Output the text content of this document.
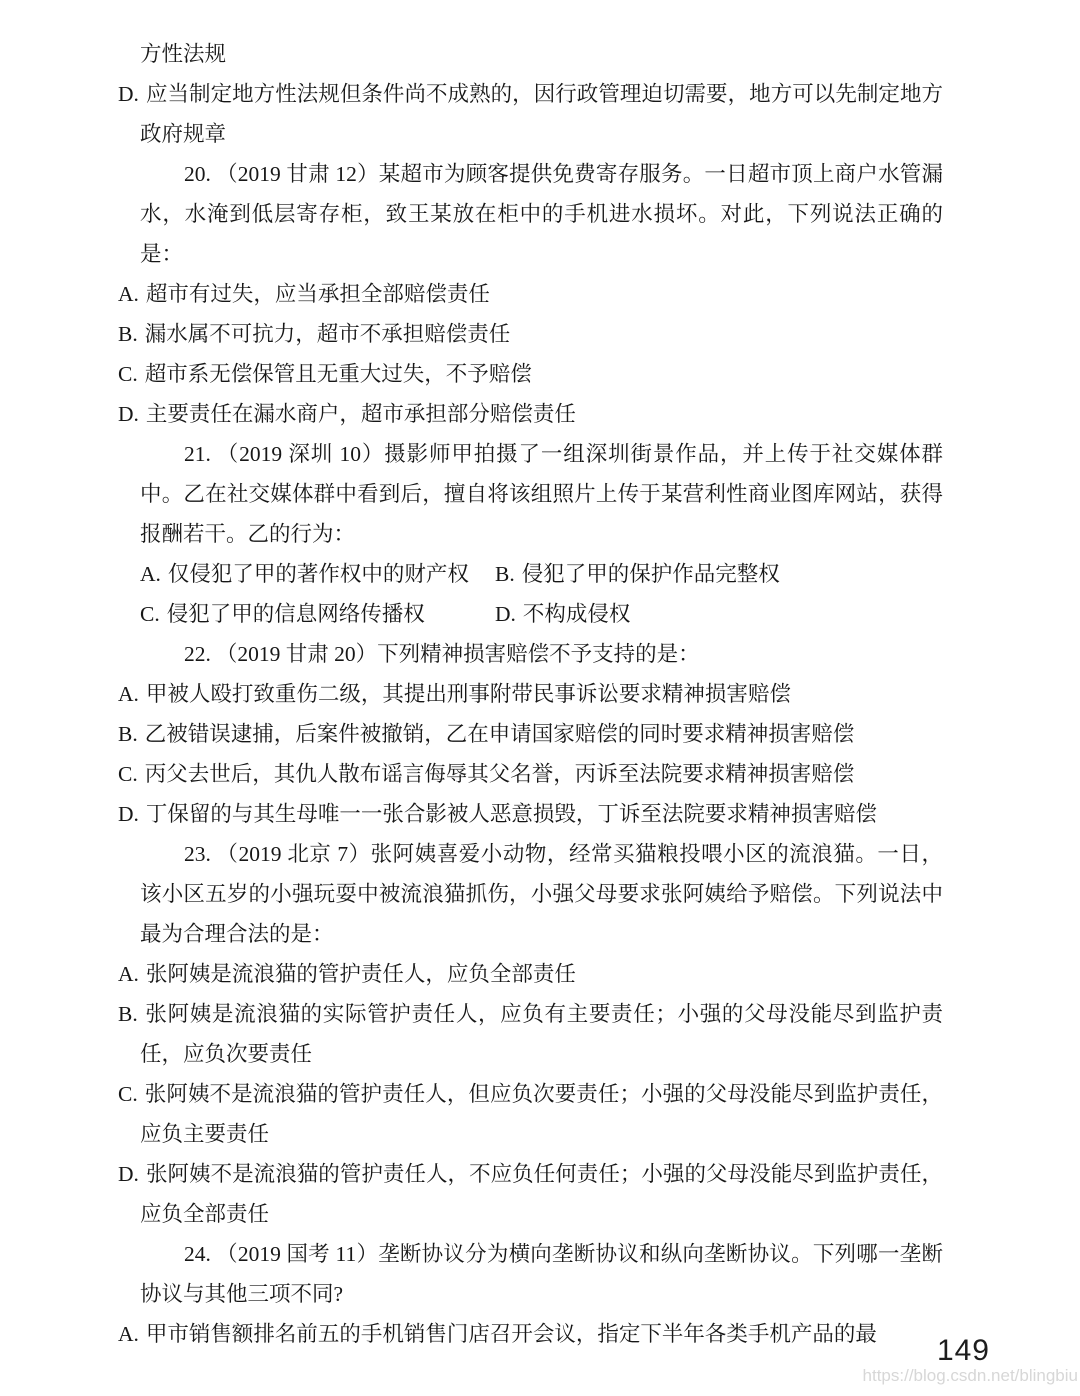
方性法规
D. 应当制定地方性法规但条件尚不成熟的，因行政管理迫切需要，地方可以先制定地方政府规章

20. （2019 甘肃 12）某超市为顾客提供免费寄存服务。一日超市顶上商户水管漏水，水淹到低层寄存柜，致王某放在柜中的手机进水损坏。对此，下列说法正确的是：

A. 超市有过失，应当承担全部赔偿责任
B. 漏水属不可抗力，超市不承担赔偿责任
C. 超市系无偿保管且无重大过失，不予赔偿
D. 主要责任在漏水商户，超市承担部分赔偿责任

21. （2019 深圳 10）摄影师甲拍摄了一组深圳街景作品，并上传于社交媒体群中。乙在社交媒体群中看到后，擅自将该组照片上传于某营利性商业图库网站，获得报酬若干。乙的行为：

A. 仅侵犯了甲的著作权中的财产权 B. 侵犯了甲的保护作品完整权
C. 侵犯了甲的信息网络传播权	D. 不构成侵权

22. （2019 甘肃 20）下列精神损害赔偿不予支持的是：

A. 甲被人殴打致重伤二级，其提出刑事附带民事诉讼要求精神损害赔偿
B. 乙被错误逮捕，后案件被撤销，乙在申请国家赔偿的同时要求精神损害赔偿
C. 丙父去世后，其仇人散布谣言侮辱其父名誉，丙诉至法院要求精神损害赔偿
D. 丁保留的与其生母唯一一张合影被人恶意损毁，丁诉至法院要求精神损害赔偿

23. （2019 北京 7）张阿姨喜爱小动物，经常买猫粮投喂小区的流浪猫。一日，该小区五岁的小强玩耍中被流浪猫抓伤，小强父母要求张阿姨给予赔偿。下列说法中最为合理合法的是：

A. 张阿姨是流浪猫的管护责任人，应负全部责任
B. 张阿姨是流浪猫的实际管护责任人，应负有主要责任；小强的父母没能尽到监护责任，应负次要责任
C. 张阿姨不是流浪猫的管护责任人，但应负次要责任；小强的父母没能尽到监护责任，应负主要责任
D. 张阿姨不是流浪猫的管护责任人，不应负任何责任；小强的父母没能尽到监护责任，应负全部责任

24. （2019 国考 11）垄断协议分为横向垄断协议和纵向垄断协议。下列哪一垄断协议与其他三项不同?

A. 甲市销售额排名前五的手机销售门店召开会议，指定下半年各类手机产品的最	149
https://blog.csdn.net/blingbiu
